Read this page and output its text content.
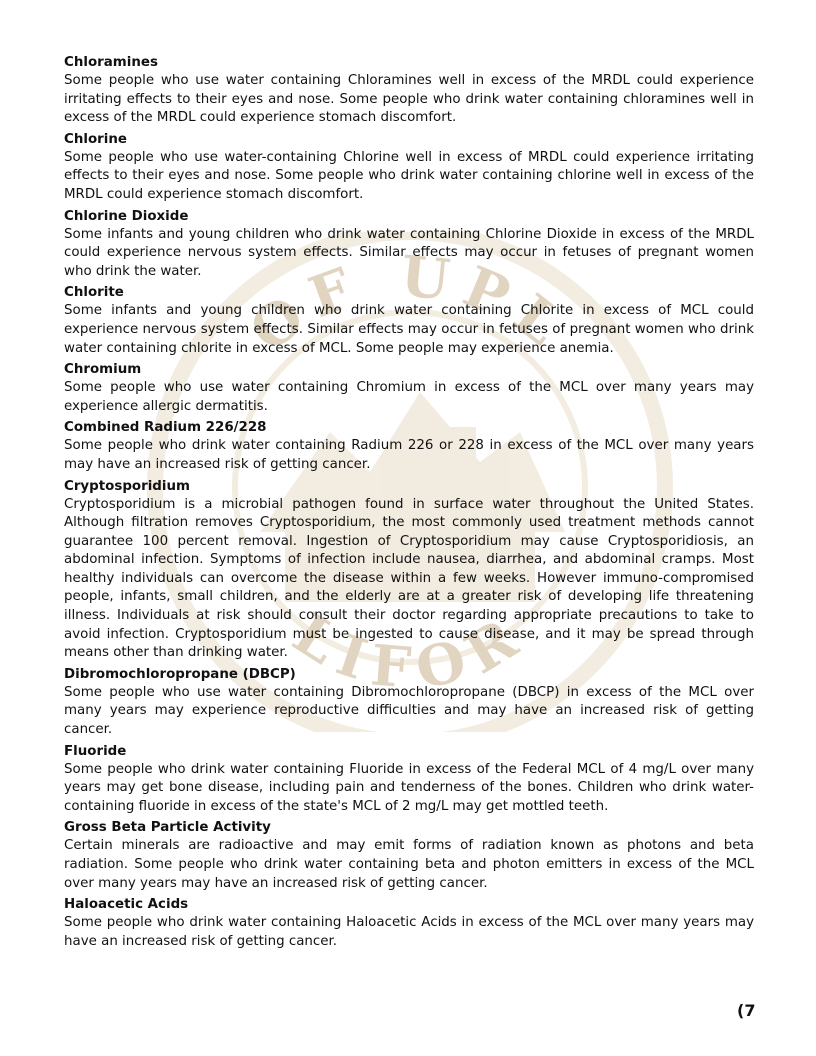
OF UPL
LIFOR
Chloramines

Some people who use water containing Chloramines well in excess of the MRDL could experience irritating effects to their eyes and nose. Some people who drink water containing chloramines well in excess of the MRDL could experience stomach discomfort.

Chlorine

Some people who use water-containing Chlorine well in excess of MRDL could experience irritating effects to their eyes and nose. Some people who drink water containing chlorine well in excess of the MRDL could experience stomach discomfort.

Chlorine Dioxide

Some infants and young children who drink water containing Chlorine Dioxide in excess of the MRDL could experience nervous system effects. Similar effects may occur in fetuses of pregnant women who drink the water.

Chlorite

Some infants and young children who drink water containing Chlorite in excess of MCL could experience nervous system effects. Similar effects may occur in fetuses of pregnant women who drink water containing chlorite in excess of MCL. Some people may experience anemia.

Chromium

Some people who use water containing Chromium in excess of the MCL over many years may experience allergic dermatitis.

Combined Radium 226/228

Some people who drink water containing Radium 226 or 228 in excess of the MCL over many years may have an increased risk of getting cancer.

Cryptosporidium

Cryptosporidium is a microbial pathogen found in surface water throughout the United States. Although filtration removes Cryptosporidium, the most commonly used treatment methods cannot guarantee 100 percent removal. Ingestion of Cryptosporidium may cause Cryptosporidiosis, an abdominal infection. Symptoms of infection include nausea, diarrhea, and abdominal cramps. Most healthy individuals can overcome the disease within a few weeks. However immuno-compromised people, infants, small children, and the elderly are at a greater risk of developing life threatening illness. Individuals at risk should consult their doctor regarding appropriate precautions to take to avoid infection. Cryptosporidium must be ingested to cause disease, and it may be spread through means other than drinking water.

Dibromochloropropane (DBCP)

Some people who use water containing Dibromochloropropane (DBCP) in excess of the MCL over many years may experience reproductive difficulties and may have an increased risk of getting cancer.

Fluoride

Some people who drink water containing Fluoride in excess of the Federal MCL of 4 mg/L over many years may get bone disease, including pain and tenderness of the bones. Children who drink water-containing fluoride in excess of the state's MCL of 2 mg/L may get mottled teeth.

Gross Beta Particle Activity

Certain minerals are radioactive and may emit forms of radiation known as photons and beta radiation. Some people who drink water containing beta and photon emitters in excess of the MCL over many years may have an increased risk of getting cancer.

Haloacetic Acids

Some people who drink water containing Haloacetic Acids in excess of the MCL over many years may have an increased risk of getting cancer.

(7
